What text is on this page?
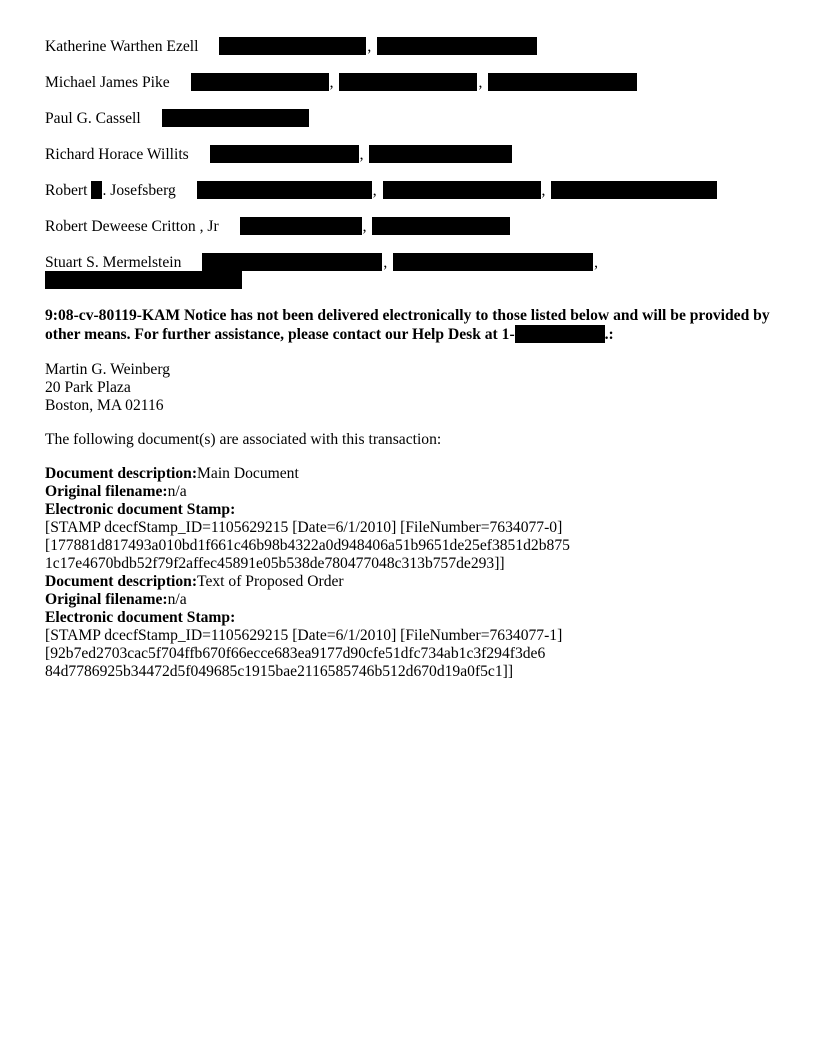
Katherine Warthen Ezell	,
Michael James Pike	,	,
Paul G. Cassell
Richard Horace Willits	,
Robert . Josefsberg	,	,
Robert Deweese Critton , Jr	,
Stuart S. Mermelstein	,	,
9:08-cv-80119-KAM Notice has not been delivered electronically to those listed below and will be provided by other means. For further assistance, please contact our Help Desk at 1-	.:
Martin G. Weinberg
20 Park Plaza
Boston, MA 02116
The following document(s) are associated with this transaction:
Document description:Main Document
Original filename:n/a
Electronic document Stamp:
[STAMP dcecfStamp_ID=1105629215 [Date=6/1/2010] [FileNumber=7634077-0]
[177881d817493a010bd1f661c46b98b4322a0d948406a51b9651de25ef3851d2b875
1c17e4670bdb52f79f2affec45891e05b538de780477048c313b757de293]]
Document description:Text of Proposed Order
Original filename:n/a
Electronic document Stamp:
[STAMP dcecfStamp_ID=1105629215 [Date=6/1/2010] [FileNumber=7634077-1]
[92b7ed2703cac5f704ffb670f66ecce683ea9177d90cfe51dfc734ab1c3f294f3de6
84d7786925b34472d5f049685c1915bae2116585746b512d670d19a0f5c1]]
